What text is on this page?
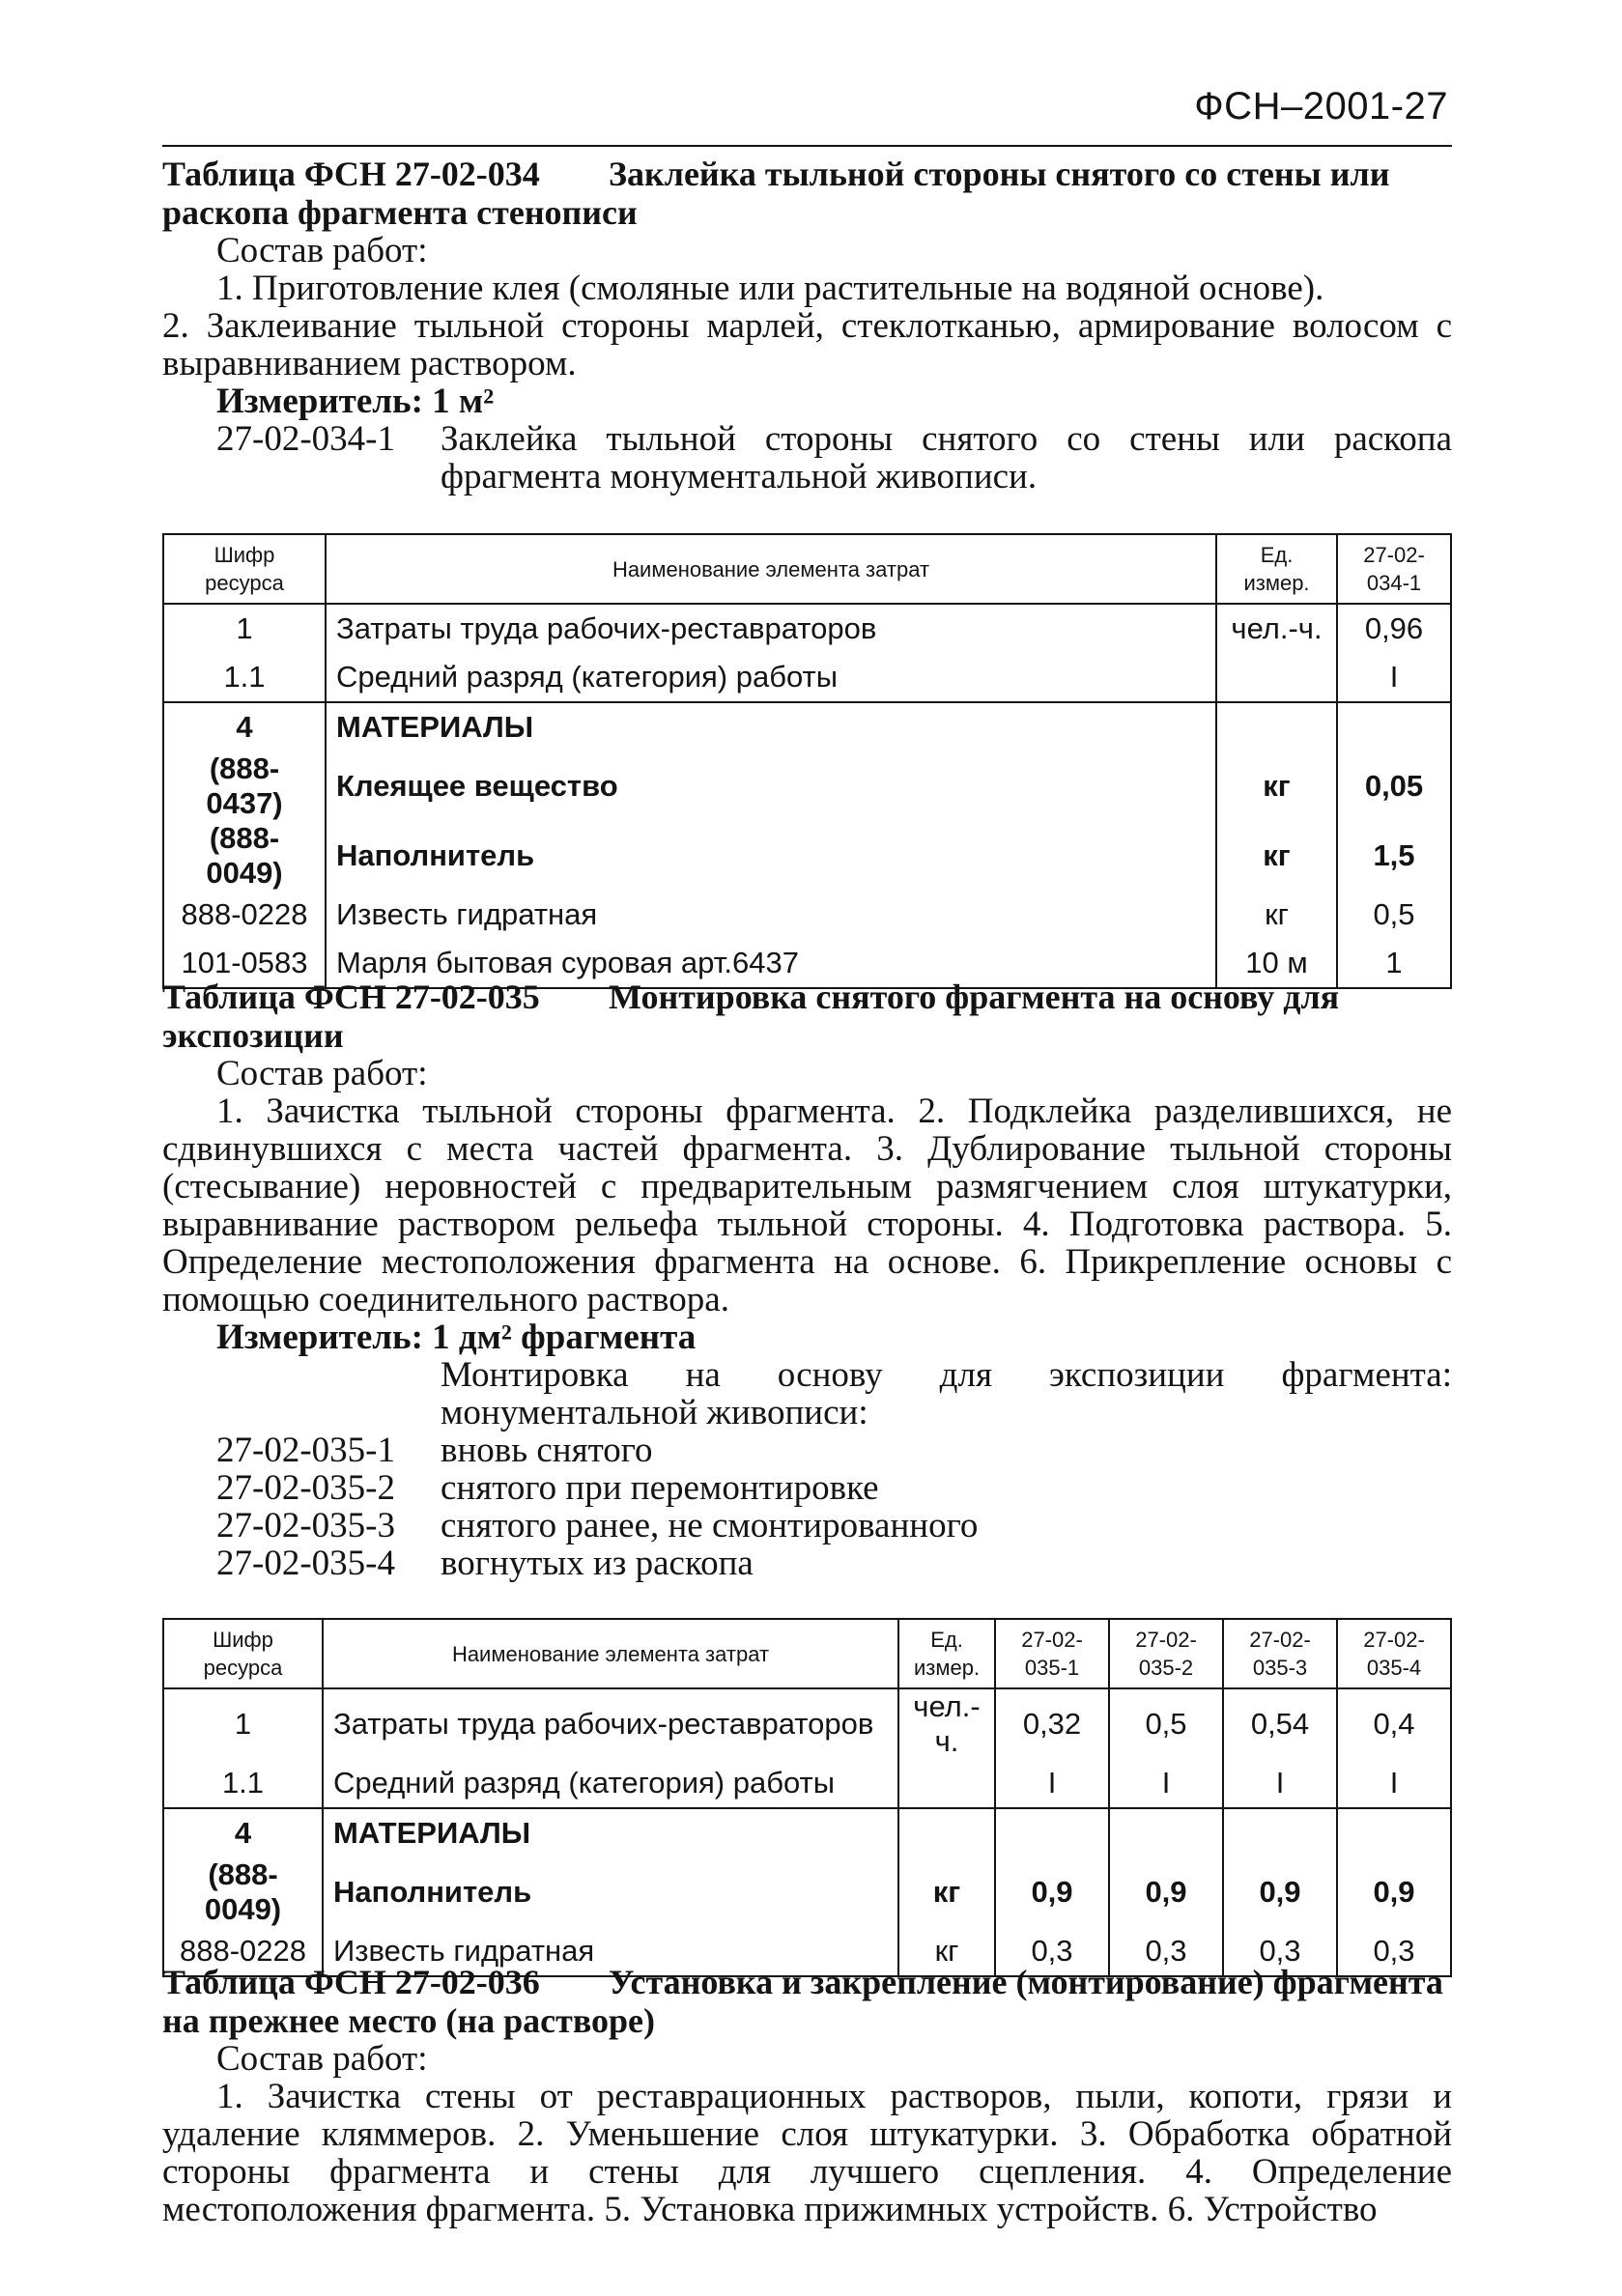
ФСН–2001-27
Таблица ФСН 27-02-034 Заклейка тыльной стороны снятого со стены или раскопа фрагмента стенописи
Состав работ:
1. Приготовление клея (смоляные или растительные на водяной основе).
2. Заклеивание тыльной стороны марлей, стеклотканью, армирование волосом с выравниванием раствором.
Измеритель: 1 м²
27-02-034-1	Заклейка тыльной стороны снятого со стены или раскопа фрагмента монументальной живописи.
Шифр ресурса	Наименование элемента затрат	Ед. измер.	27-02-034-1
1	Затраты труда рабочих-реставраторов	чел.-ч.	0,96
1.1	Средний разряд (категория) работы		I
4	МАТЕРИАЛЫ		
(888-0437)	Клеящее вещество	кг	0,05
(888-0049)	Наполнитель	кг	1,5
888-0228	Известь гидратная	кг	0,5
101-0583	Марля бытовая суровая арт.6437	10 м	1
Таблица ФСН 27-02-035 Монтировка снятого фрагмента на основу для экспозиции
Состав работ:
1. Зачистка тыльной стороны фрагмента. 2. Подклейка разделившихся, не сдвинувшихся с места частей фрагмента. 3. Дублирование тыльной стороны (стесывание) неровностей с предварительным размягчением слоя штукатурки, выравнивание раствором рельефа тыльной стороны. 4. Подготовка раствора. 5. Определение местоположения фрагмента на основе. 6. Прикрепление основы с помощью соединительного раствора.
Измеритель: 1 дм² фрагмента
Монтировка на основу для экспозиции фрагмента: монументальной живописи:
27-02-035-1	вновь снятого
27-02-035-2	снятого при перемонтировке
27-02-035-3	снятого ранее, не смонтированного
27-02-035-4	вогнутых из раскопа
Шифр ресурса	Наименование элемента затрат	Ед. измер.	27-02-035-1	27-02-035-2	27-02-035-3	27-02-035-4
1	Затраты труда рабочих-реставраторов	чел.-ч.	0,32	0,5	0,54	0,4
1.1	Средний разряд (категория) работы		I	I	I	I
4	МАТЕРИАЛЫ					
(888-0049)	Наполнитель	кг	0,9	0,9	0,9	0,9
888-0228	Известь гидратная	кг	0,3	0,3	0,3	0,3
Таблица ФСН 27-02-036 Установка и закрепление (монтирование) фрагмента на прежнее место (на растворе)
Состав работ:
1. Зачистка стены от реставрационных растворов, пыли, копоти, грязи и удаление кляммеров. 2. Уменьшение слоя штукатурки. 3. Обработка обратной стороны фрагмента и стены для лучшего сцепления. 4. Определение местоположения фрагмента. 5. Установка прижимных устройств. 6. Устройство
